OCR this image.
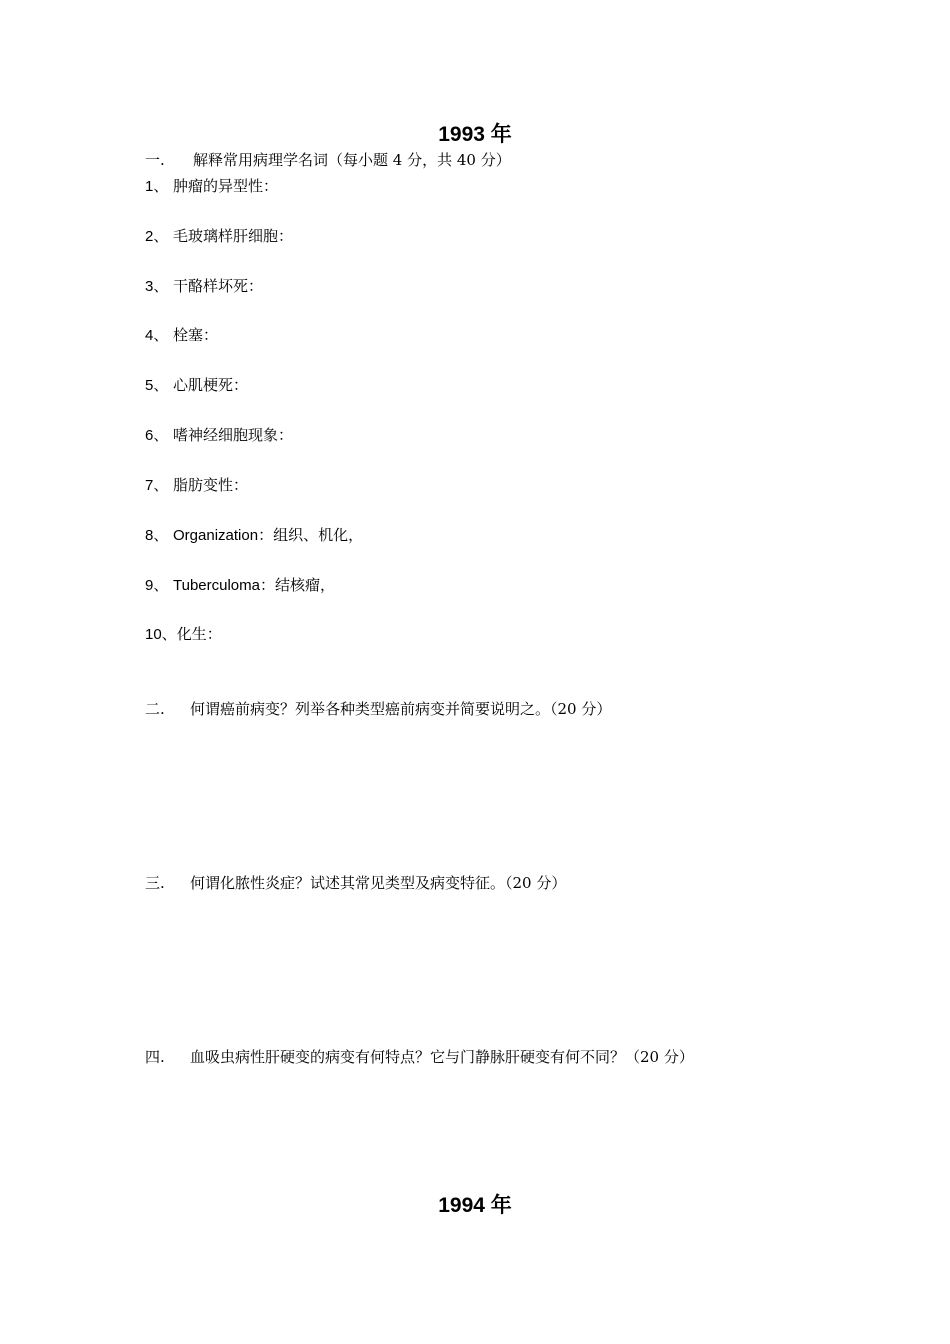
1993 年
一. 解释常用病理学名词（每小题 4 分，共 40 分）
1、 肿瘤的异型性：
2、 毛玻璃样肝细胞：
3、 干酪样坏死：
4、 栓塞：
5、 心肌梗死：
6、 嗜神经细胞现象：
7、 脂肪变性：
8、 Organization：组织、机化，
9、 Tuberculoma：结核瘤，
10、化生：
二. 何谓癌前病变？列举各种类型癌前病变并简要说明之。（20 分）
三. 何谓化脓性炎症？试述其常见类型及病变特征。（20 分）
四. 血吸虫病性肝硬变的病变有何特点？它与门静脉肝硬变有何不同？（20 分）
1994 年
